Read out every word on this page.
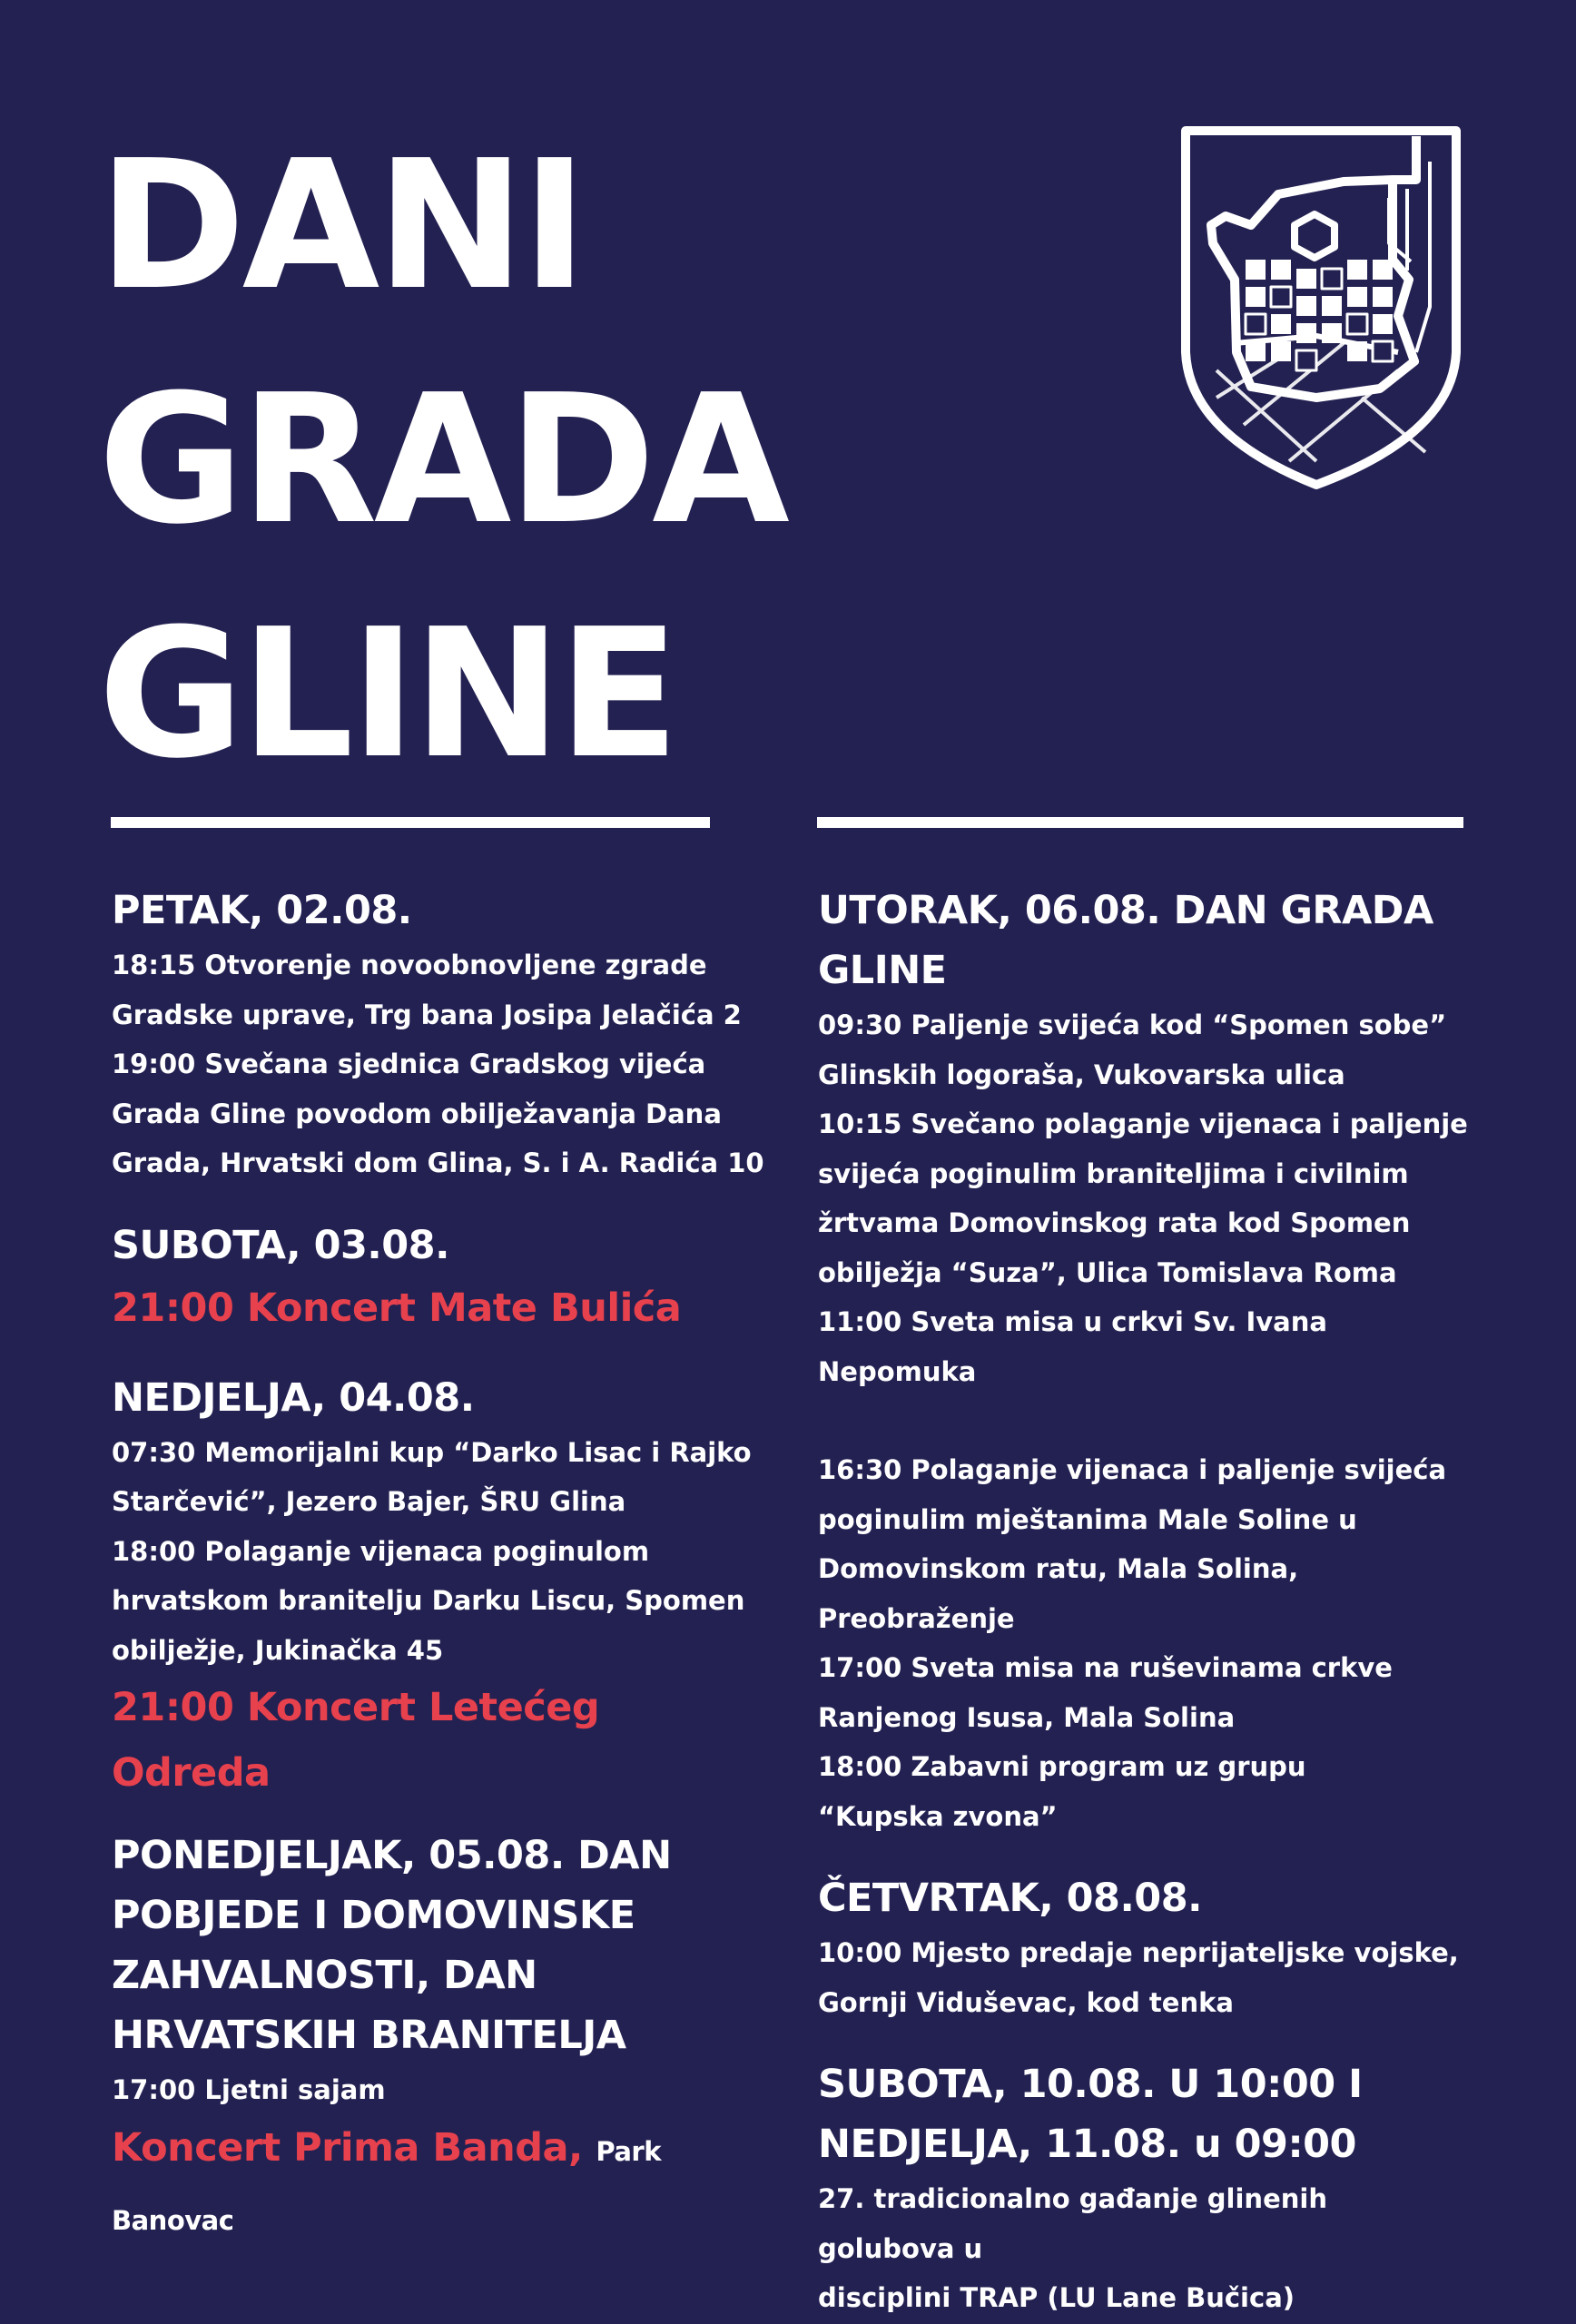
DANI
GRADA
GLINE

PETAK, 02.08.

18:15 Otvorenje novoobnovljene zgrade

Gradske uprave, Trg bana Josipa Jelačića 2

19:00 Svečana sjednica Gradskog vijeća

Grada Gline povodom obilježavanja Dana

Grada, Hrvatski dom Glina, S. i A. Radića 10

SUBOTA, 03.08.

21:00 Koncert Mate Bulića

NEDJELJA, 04.08.

07:30 Memorijalni kup “Darko Lisac i Rajko

Starčević”, Jezero Bajer, ŠRU Glina

18:00 Polaganje vijenaca poginulom

hrvatskom branitelju Darku Liscu, Spomen

obilježje, Jukinačka 45

21:00 Koncert Letećeg Odreda

PONEDJELJAK, 05.08. DAN

POBJEDE I DOMOVINSKE

ZAHVALNOSTI, DAN

HRVATSKIH BRANITELJA

17:00 Ljetni sajam

Koncert Prima Banda, Park Banovac

UTORAK, 06.08. DAN GRADA

GLINE

09:30 Paljenje svijeća kod “Spomen sobe”

Glinskih logoraša, Vukovarska ulica

10:15 Svečano polaganje vijenaca i paljenje

svijeća poginulim braniteljima i civilnim

žrtvama Domovinskog rata kod Spomen

obilježja “Suza”, Ulica Tomislava Roma

11:00 Sveta misa u crkvi Sv. Ivana Nepomuka

16:30 Polaganje vijenaca i paljenje svijeća

poginulim mještanima Male Soline u

Domovinskom ratu, Mala Solina, Preobraženje

17:00 Sveta misa na ruševinama crkve

Ranjenog Isusa, Mala Solina

18:00 Zabavni program uz grupu

“Kupska zvona”

ČETVRTAK, 08.08.

10:00 Mjesto predaje neprijateljske vojske,

Gornji Viduševac, kod tenka

SUBOTA, 10.08. U 10:00 I

NEDJELJA, 11.08. u 09:00

27. tradicionalno gađanje glinenih golubova u

disciplini TRAP (LU Lane Bučica)
